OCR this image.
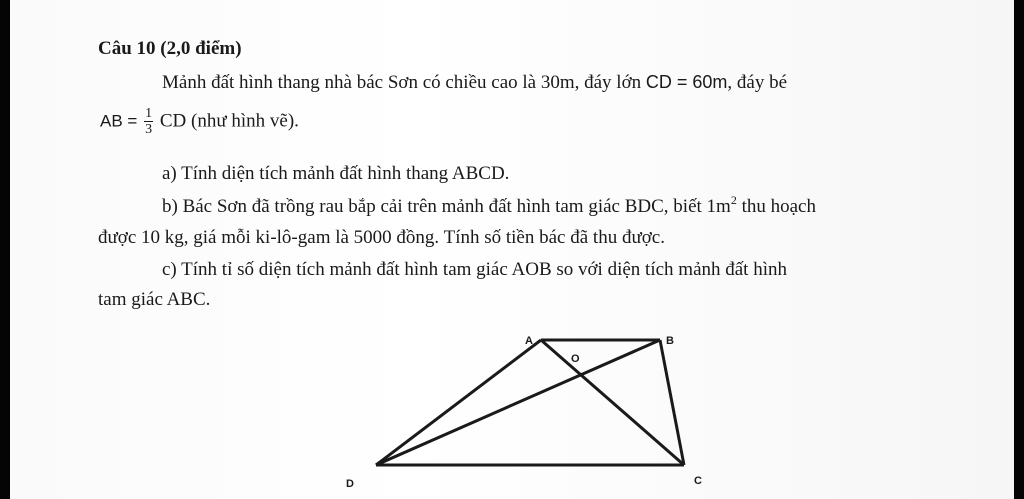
Câu 10 (2,0 điểm)
Mảnh đất hình thang nhà bác Sơn có chiều cao là 30m, đáy lớn CD = 60m, đáy bé
AB = $\frac{1}{3}$ CD (như hình vẽ).
a) Tính diện tích mảnh đất hình thang ABCD.
b) Bác Sơn đã trồng rau bắp cải trên mảnh đất hình tam giác BDC, biết $1m^2$ thu hoạch
được 10 kg, giá mỗi ki-lô-gam là 5000 đồng. Tính số tiền bác đã thu được.
c) Tính tỉ số diện tích mảnh đất hình tam giác AOB so với diện tích mảnh đất hình
tam giác ABC.
A	B
C
D
O
